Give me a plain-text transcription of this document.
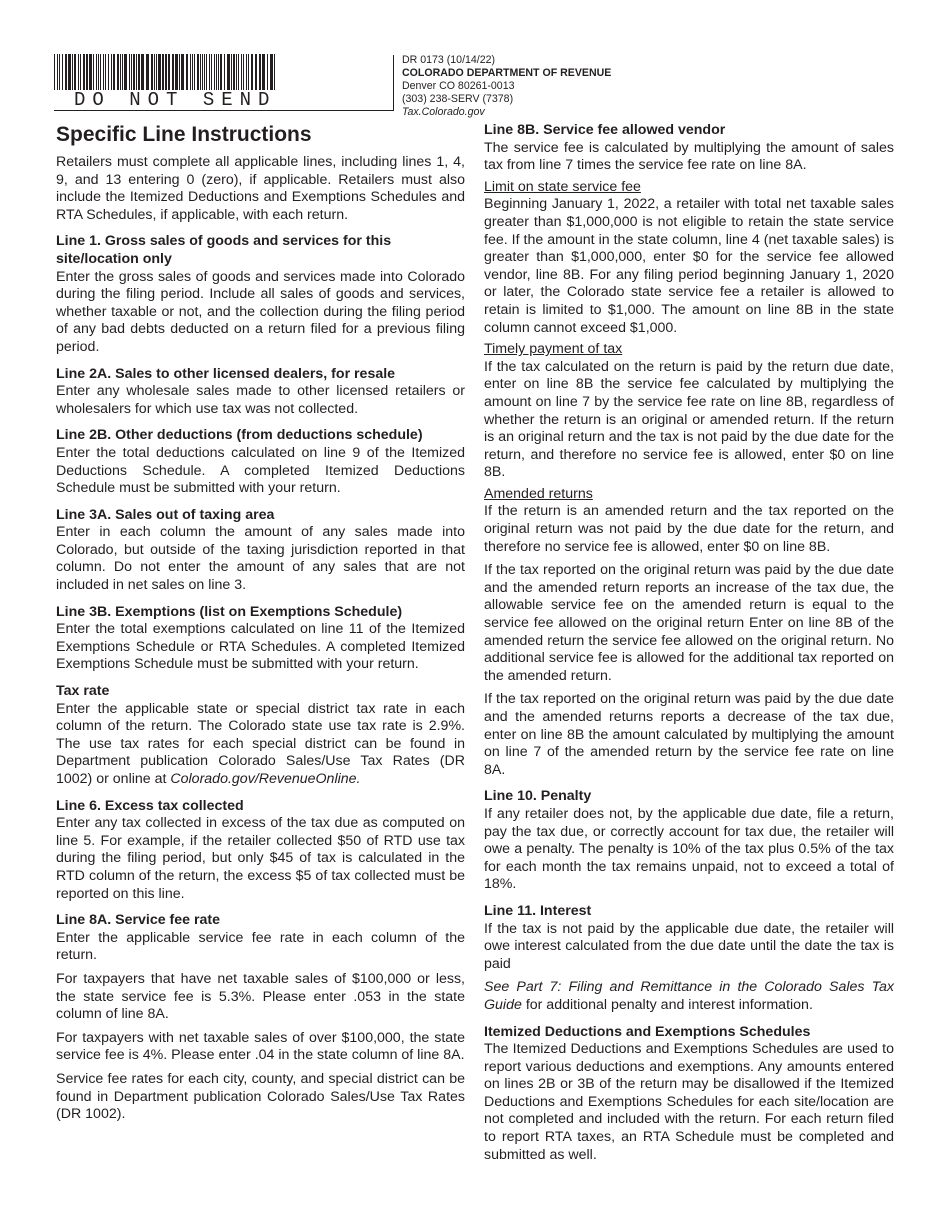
DO NOT SEND
DR 0173 (10/14/22)
COLORADO DEPARTMENT OF REVENUE
Denver CO 80261-0013
(303) 238-SERV (7378)
Tax.Colorado.gov
Specific Line Instructions

Retailers must complete all applicable lines, including lines 1, 4, 9, and 13 entering 0 (zero), if applicable. Retailers must also include the Itemized Deductions and Exemptions Schedules and RTA Schedules, if applicable, with each return.

Line 1. Gross sales of goods and services for this site/location only

Enter the gross sales of goods and services made into Colorado during the filing period. Include all sales of goods and services, whether taxable or not, and the collection during the filing period of any bad debts deducted on a return filed for a previous filing period.

Line 2A. Sales to other licensed dealers, for resale

Enter any wholesale sales made to other licensed retailers or wholesalers for which use tax was not collected.

Line 2B. Other deductions (from deductions schedule)

Enter the total deductions calculated on line 9 of the Itemized Deductions Schedule. A completed Itemized Deductions Schedule must be submitted with your return.

Line 3A. Sales out of taxing area

Enter in each column the amount of any sales made into Colorado, but outside of the taxing jurisdiction reported in that column. Do not enter the amount of any sales that are not included in net sales on line 3.

Line 3B. Exemptions (list on Exemptions Schedule)

Enter the total exemptions calculated on line 11 of the Itemized Exemptions Schedule or RTA Schedules. A completed Itemized Exemptions Schedule must be submitted with your return.

Tax rate

Enter the applicable state or special district tax rate in each column of the return. The Colorado state use tax rate is 2.9%. The use tax rates for each special district can be found in Department publication Colorado Sales/Use Tax Rates (DR 1002) or online at Colorado.gov/RevenueOnline.

Line 6. Excess tax collected

Enter any tax collected in excess of the tax due as computed on line 5. For example, if the retailer collected $50 of RTD use tax during the filing period, but only $45 of tax is calculated in the RTD column of the return, the excess $5 of tax collected must be reported on this line.

Line 8A. Service fee rate

Enter the applicable service fee rate in each column of the return.

For taxpayers that have net taxable sales of $100,000 or less, the state service fee is 5.3%. Please enter .053 in the state column of line 8A.

For taxpayers with net taxable sales of over $100,000, the state service fee is 4%. Please enter .04 in the state column of line 8A.

Service fee rates for each city, county, and special district can be found in Department publication Colorado Sales/Use Tax Rates (DR 1002).

Line 8B. Service fee allowed vendor

The service fee is calculated by multiplying the amount of sales tax from line 7 times the service fee rate on line 8A.

Limit on state service fee

Beginning January 1, 2022, a retailer with total net taxable sales greater than $1,000,000 is not eligible to retain the state service fee. If the amount in the state column, line 4 (net taxable sales) is greater than $1,000,000, enter $0 for the service fee allowed vendor, line 8B. For any filing period beginning January 1, 2020 or later, the Colorado state service fee a retailer is allowed to retain is limited to $1,000. The amount on line 8B in the state column cannot exceed $1,000.

Timely payment of tax

If the tax calculated on the return is paid by the return due date, enter on line 8B the service fee calculated by multiplying the amount on line 7 by the service fee rate on line 8B, regardless of whether the return is an original or amended return. If the return is an original return and the tax is not paid by the due date for the return, and therefore no service fee is allowed, enter $0 on line 8B.

Amended returns

If the return is an amended return and the tax reported on the original return was not paid by the due date for the return, and therefore no service fee is allowed, enter $0 on line 8B.

If the tax reported on the original return was paid by the due date and the amended return reports an increase of the tax due, the allowable service fee on the amended return is equal to the service fee allowed on the original return Enter on line 8B of the amended return the service fee allowed on the original return. No additional service fee is allowed for the additional tax reported on the amended return.

If the tax reported on the original return was paid by the due date and the amended returns reports a decrease of the tax due, enter on line 8B the amount calculated by multiplying the amount on line 7 of the amended return by the service fee rate on line 8A.

Line 10. Penalty

If any retailer does not, by the applicable due date, file a return, pay the tax due, or correctly account for tax due, the retailer will owe a penalty. The penalty is 10% of the tax plus 0.5% of the tax for each month the tax remains unpaid, not to exceed a total of 18%.

Line 11. Interest

If the tax is not paid by the applicable due date, the retailer will owe interest calculated from the due date until the date the tax is paid

See Part 7: Filing and Remittance in the Colorado Sales Tax Guide for additional penalty and interest information.

Itemized Deductions and Exemptions Schedules

The Itemized Deductions and Exemptions Schedules are used to report various deductions and exemptions. Any amounts entered on lines 2B or 3B of the return may be disallowed if the Itemized Deductions and Exemptions Schedules for each site/location are not completed and included with the return. For each return filed to report RTA taxes, an RTA Schedule must be completed and submitted as well.
